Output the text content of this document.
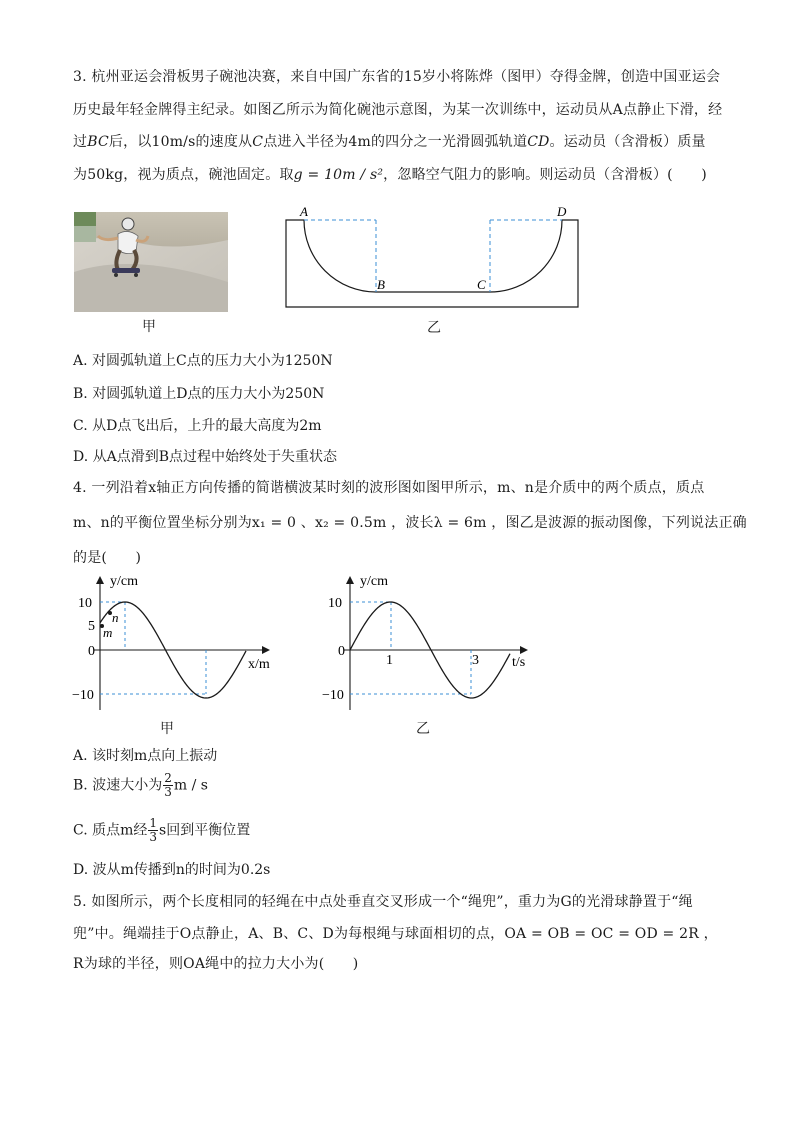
3. 杭州亚运会滑板男子碗池决赛，来自中国广东省的15岁小将陈烨（图甲）夺得金牌，创造中国亚运会
历史最年轻金牌得主纪录。如图乙所示为简化碗池示意图，为某一次训练中，运动员从A点静止下滑，经
过BC后，以10m/s的速度从C点进入半径为4m的四分之一光滑圆弧轨道CD。运动员（含滑板）质量
为50kg，视为质点，碗池固定。取g = 10m / s²，忽略空气阻力的影响。则运动员（含滑板）(　　)
甲
A
B	C
D
乙
A. 对圆弧轨道上C点的压力大小为1250N
B. 对圆弧轨道上D点的压力大小为250N
C. 从D点飞出后，上升的最大高度为2m
D. 从A点滑到B点过程中始终处于失重状态
4. 一列沿着x轴正方向传播的简谐横波某时刻的波形图如图甲所示，m、n是介质中的两个质点，质点
m、n的平衡位置坐标分别为x₁ = 0 、x₂ = 0.5m ，波长λ = 6m ，图乙是波源的振动图像，下列说法正确
的是(　　)
y/cm
x/m
10
5
0
−10
n
m
甲
y/cm
t/s
10
0
−10
1	3
乙
A. 该时刻m点向上振动
B. 波速大小为 $\frac{2}{3}$ m / s
C. 质点m经 $\frac{1}{3}$ s回到平衡位置
D. 波从m传播到n的时间为0.2s
5. 如图所示，两个长度相同的轻绳在中点处垂直交叉形成一个“绳兜”，重力为G的光滑球静置于“绳
兜”中。绳端挂于O点静止，A、B、C、D为每根绳与球面相切的点，OA = OB = OC = OD = 2R ，
R为球的半径，则OA绳中的拉力大小为(　　)
